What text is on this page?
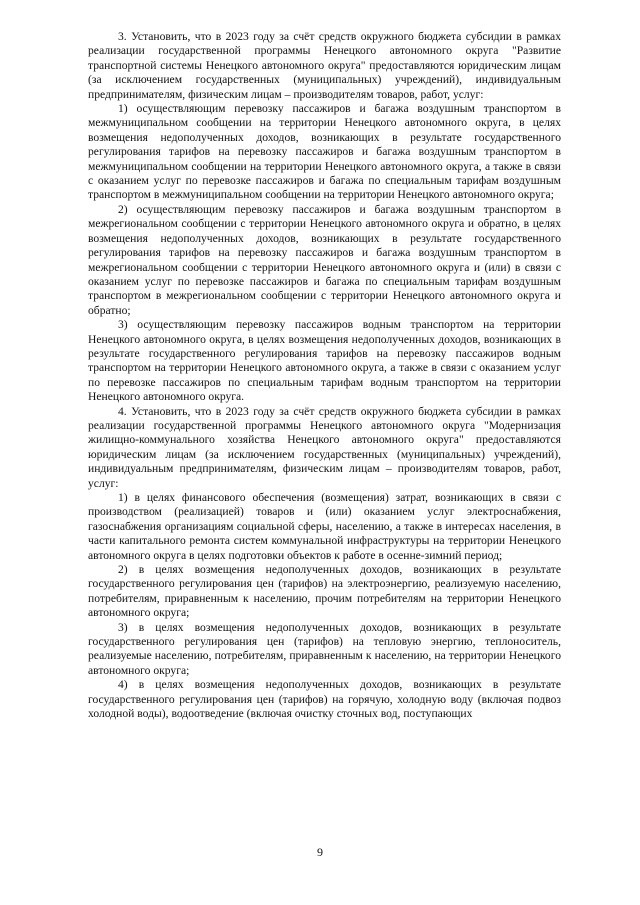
3. Установить, что в 2023 году за счёт средств окружного бюджета субсидии в рамках реализации государственной программы Ненецкого автономного округа "Развитие транспортной системы Ненецкого автономного округа" предоставляются юридическим лицам (за исключением государственных (муниципальных) учреждений), индивидуальным предпринимателям, физическим лицам – производителям товаров, работ, услуг:

1) осуществляющим перевозку пассажиров и багажа воздушным транспортом в межмуниципальном сообщении на территории Ненецкого автономного округа, в целях возмещения недополученных доходов, возникающих в результате государственного регулирования тарифов на перевозку пассажиров и багажа воздушным транспортом в межмуниципальном сообщении на территории Ненецкого автономного округа, а также в связи с оказанием услуг по перевозке пассажиров и багажа по специальным тарифам воздушным транспортом в межмуниципальном сообщении на территории Ненецкого автономного округа;

2) осуществляющим перевозку пассажиров и багажа воздушным транспортом в межрегиональном сообщении с территории Ненецкого автономного округа и обратно, в целях возмещения недополученных доходов, возникающих в результате государственного регулирования тарифов на перевозку пассажиров и багажа воздушным транспортом в межрегиональном сообщении с территории Ненецкого автономного округа и (или) в связи с оказанием услуг по перевозке пассажиров и багажа по специальным тарифам воздушным транспортом в межрегиональном сообщении с территории Ненецкого автономного округа и обратно;

3) осуществляющим перевозку пассажиров водным транспортом на территории Ненецкого автономного округа, в целях возмещения недополученных доходов, возникающих в результате государственного регулирования тарифов на перевозку пассажиров водным транспортом на территории Ненецкого автономного округа, а также в связи с оказанием услуг по перевозке пассажиров по специальным тарифам водным транспортом на территории Ненецкого автономного округа.

4. Установить, что в 2023 году за счёт средств окружного бюджета субсидии в рамках реализации государственной программы Ненецкого автономного округа "Модернизация жилищно-коммунального хозяйства Ненецкого автономного округа" предоставляются юридическим лицам (за исключением государственных (муниципальных) учреждений), индивидуальным предпринимателям, физическим лицам – производителям товаров, работ, услуг:

1) в целях финансового обеспечения (возмещения) затрат, возникающих в связи с производством (реализацией) товаров и (или) оказанием услуг электроснабжения, газоснабжения организациям социальной сферы, населению, а также в интересах населения, в части капитального ремонта систем коммунальной инфраструктуры на территории Ненецкого автономного округа в целях подготовки объектов к работе в осенне-зимний период;

2) в целях возмещения недополученных доходов, возникающих в результате государственного регулирования цен (тарифов) на электроэнергию, реализуемую населению, потребителям, приравненным к населению, прочим потребителям на территории Ненецкого автономного округа;

3) в целях возмещения недополученных доходов, возникающих в результате государственного регулирования цен (тарифов) на тепловую энергию, теплоноситель, реализуемые населению, потребителям, приравненным к населению, на территории Ненецкого автономного округа;

4) в целях возмещения недополученных доходов, возникающих в результате государственного регулирования цен (тарифов) на горячую, холодную воду (включая подвоз холодной воды), водоотведение (включая очистку сточных вод, поступающих

9
